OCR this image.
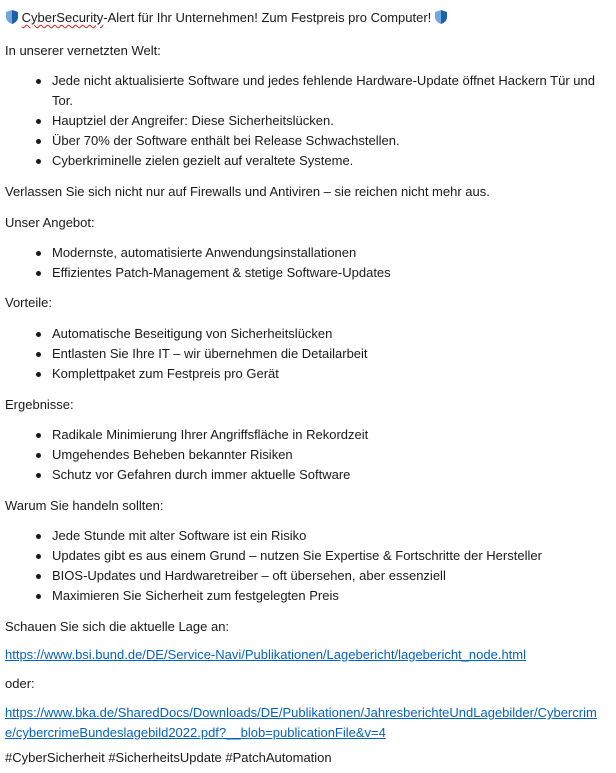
CyberSecurity-Alert für Ihr Unternehmen! Zum Festpreis pro Computer!

In unserer vernetzten Welt:

Jede nicht aktualisierte Software und jedes fehlende Hardware-Update öffnet Hackern Tür und Tor.
Hauptziel der Angreifer: Diese Sicherheitslücken.
Über 70% der Software enthält bei Release Schwachstellen.
Cyberkriminelle zielen gezielt auf veraltete Systeme.

Verlassen Sie sich nicht nur auf Firewalls und Antiviren – sie reichen nicht mehr aus.

Unser Angebot:

Modernste, automatisierte Anwendungsinstallationen
Effizientes Patch-Management & stetige Software-Updates

Vorteile:

Automatische Beseitigung von Sicherheitslücken
Entlasten Sie Ihre IT – wir übernehmen die Detailarbeit
Komplettpaket zum Festpreis pro Gerät

Ergebnisse:

Radikale Minimierung Ihrer Angriffsfläche in Rekordzeit
Umgehendes Beheben bekannter Risiken
Schutz vor Gefahren durch immer aktuelle Software

Warum Sie handeln sollten:

Jede Stunde mit alter Software ist ein Risiko
Updates gibt es aus einem Grund – nutzen Sie Expertise & Fortschritte der Hersteller
BIOS-Updates und Hardwaretreiber – oft übersehen, aber essenziell
Maximieren Sie Sicherheit zum festgelegten Preis

Schauen Sie sich die aktuelle Lage an:

https://www.bsi.bund.de/DE/Service-Navi/Publikationen/Lagebericht/lagebericht_node.html

oder:

https://www.bka.de/SharedDocs/Downloads/DE/Publikationen/JahresberichteUndLagebilder/Cybercrime/cybercrimeBundeslagebild2022.pdf?__blob=publicationFile&v=4

#CyberSicherheit #SicherheitsUpdate #PatchAutomation
